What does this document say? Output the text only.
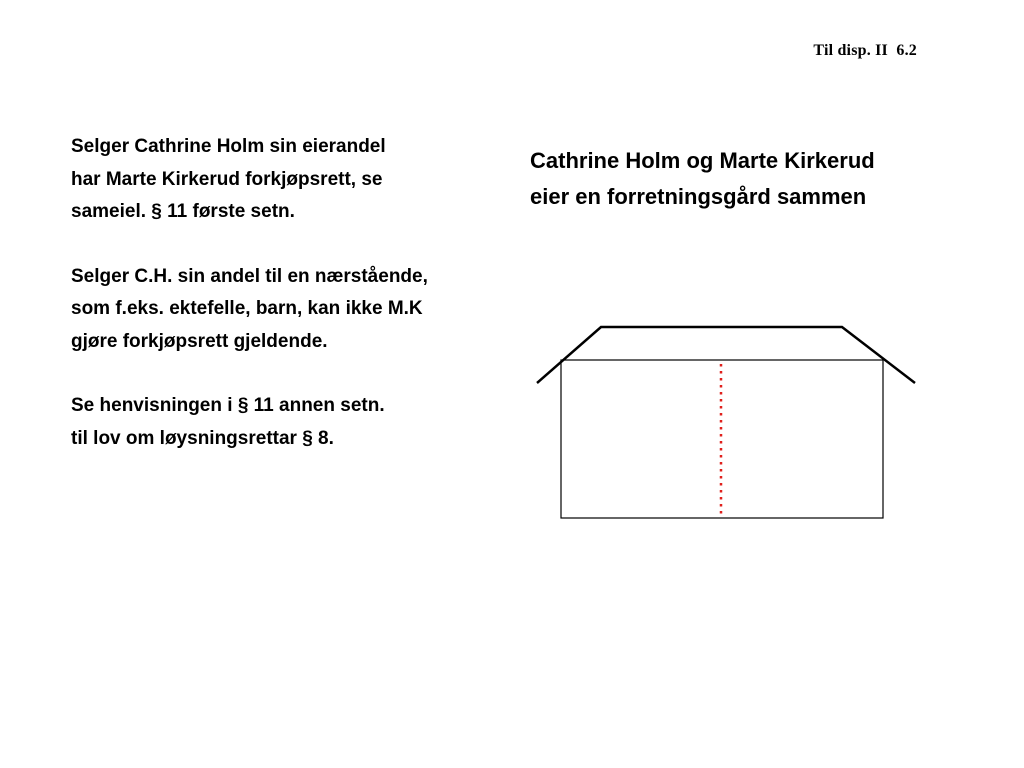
Til disp. II  6.2
Selger Cathrine Holm sin eierandel
har Marte Kirkerud forkjøpsrett, se
sameiel. § 11 første setn.
Selger C.H. sin andel til en nærstående,
som f.eks. ektefelle, barn, kan ikke M.K
gjøre forkjøpsrett gjeldende.
Se henvisningen i § 11 annen setn.
til lov om løysningsrettar § 8.
Cathrine Holm og Marte Kirkerud
eier en forretningsgård sammen
